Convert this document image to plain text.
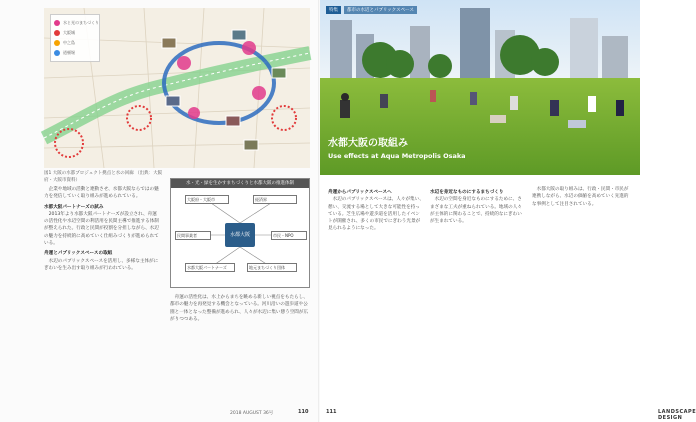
水と光のまちづくり
大阪城
中之島
道頓堀
図1 大阪の水都プロジェクト拠点と水の回廊 （出典：大阪府・大阪市資料）
水・光・緑を生かすまちづくりと水都大阪の推進体制
大阪府・大阪市	経済界
民間事業者	市民・NPO
水都大阪パートナーズ	地元まちづくり団体
水都大阪

企業や地域の活動と連動させ、水都大阪ならではの魅力を発信していく取り組みが進められている。

水都大阪パートナーズの試み

2013年より水都大阪パートナーズが設立され、舟運の活性化や水辺空間の利活用を民間主導で推進する体制が整えられた。行政と民間が役割を分担しながら、水辺の魅力を持続的に高めていく仕組みづくりが進められている。

舟運とパブリックスペースの取組

水辺のパブリックスペースを活用し、多様な主体がにぎわいを生み出す取り組みが行われている。

舟運の活性化は、水上からまちを眺める新しい視点をもたらし、都市の魅力を再発見する機会となっている。河川沿いの遊歩道や公園と一体となった整備が進められ、人々が水辺に集い憩う空間が広がりつつある。

110
2018 AUGUST 36号
特集	都市の水辺とパブリックスペース
水都大阪の取組み
Use effects at Aqua Metropolis Osaka

舟運からパブリックスペースへ

水辺のパブリックスペースは、人々が集い、憩い、交流する場として大きな可能性を持っている。芝生広場や遊歩道を活用したイベントが開催され、多くの市民でにぎわう光景が見られるようになった。

水辺を身近なものにするまちづくり

水辺の空間を身近なものにするために、さまざまな工夫が重ねられている。地域の人々が主体的に関わることで、持続的なにぎわいが生まれている。

水都大阪の取り組みは、行政・民間・市民が連携しながら、水辺の価値を高めていく先進的な事例として注目されている。

111	LANDSCAPE DESIGN
